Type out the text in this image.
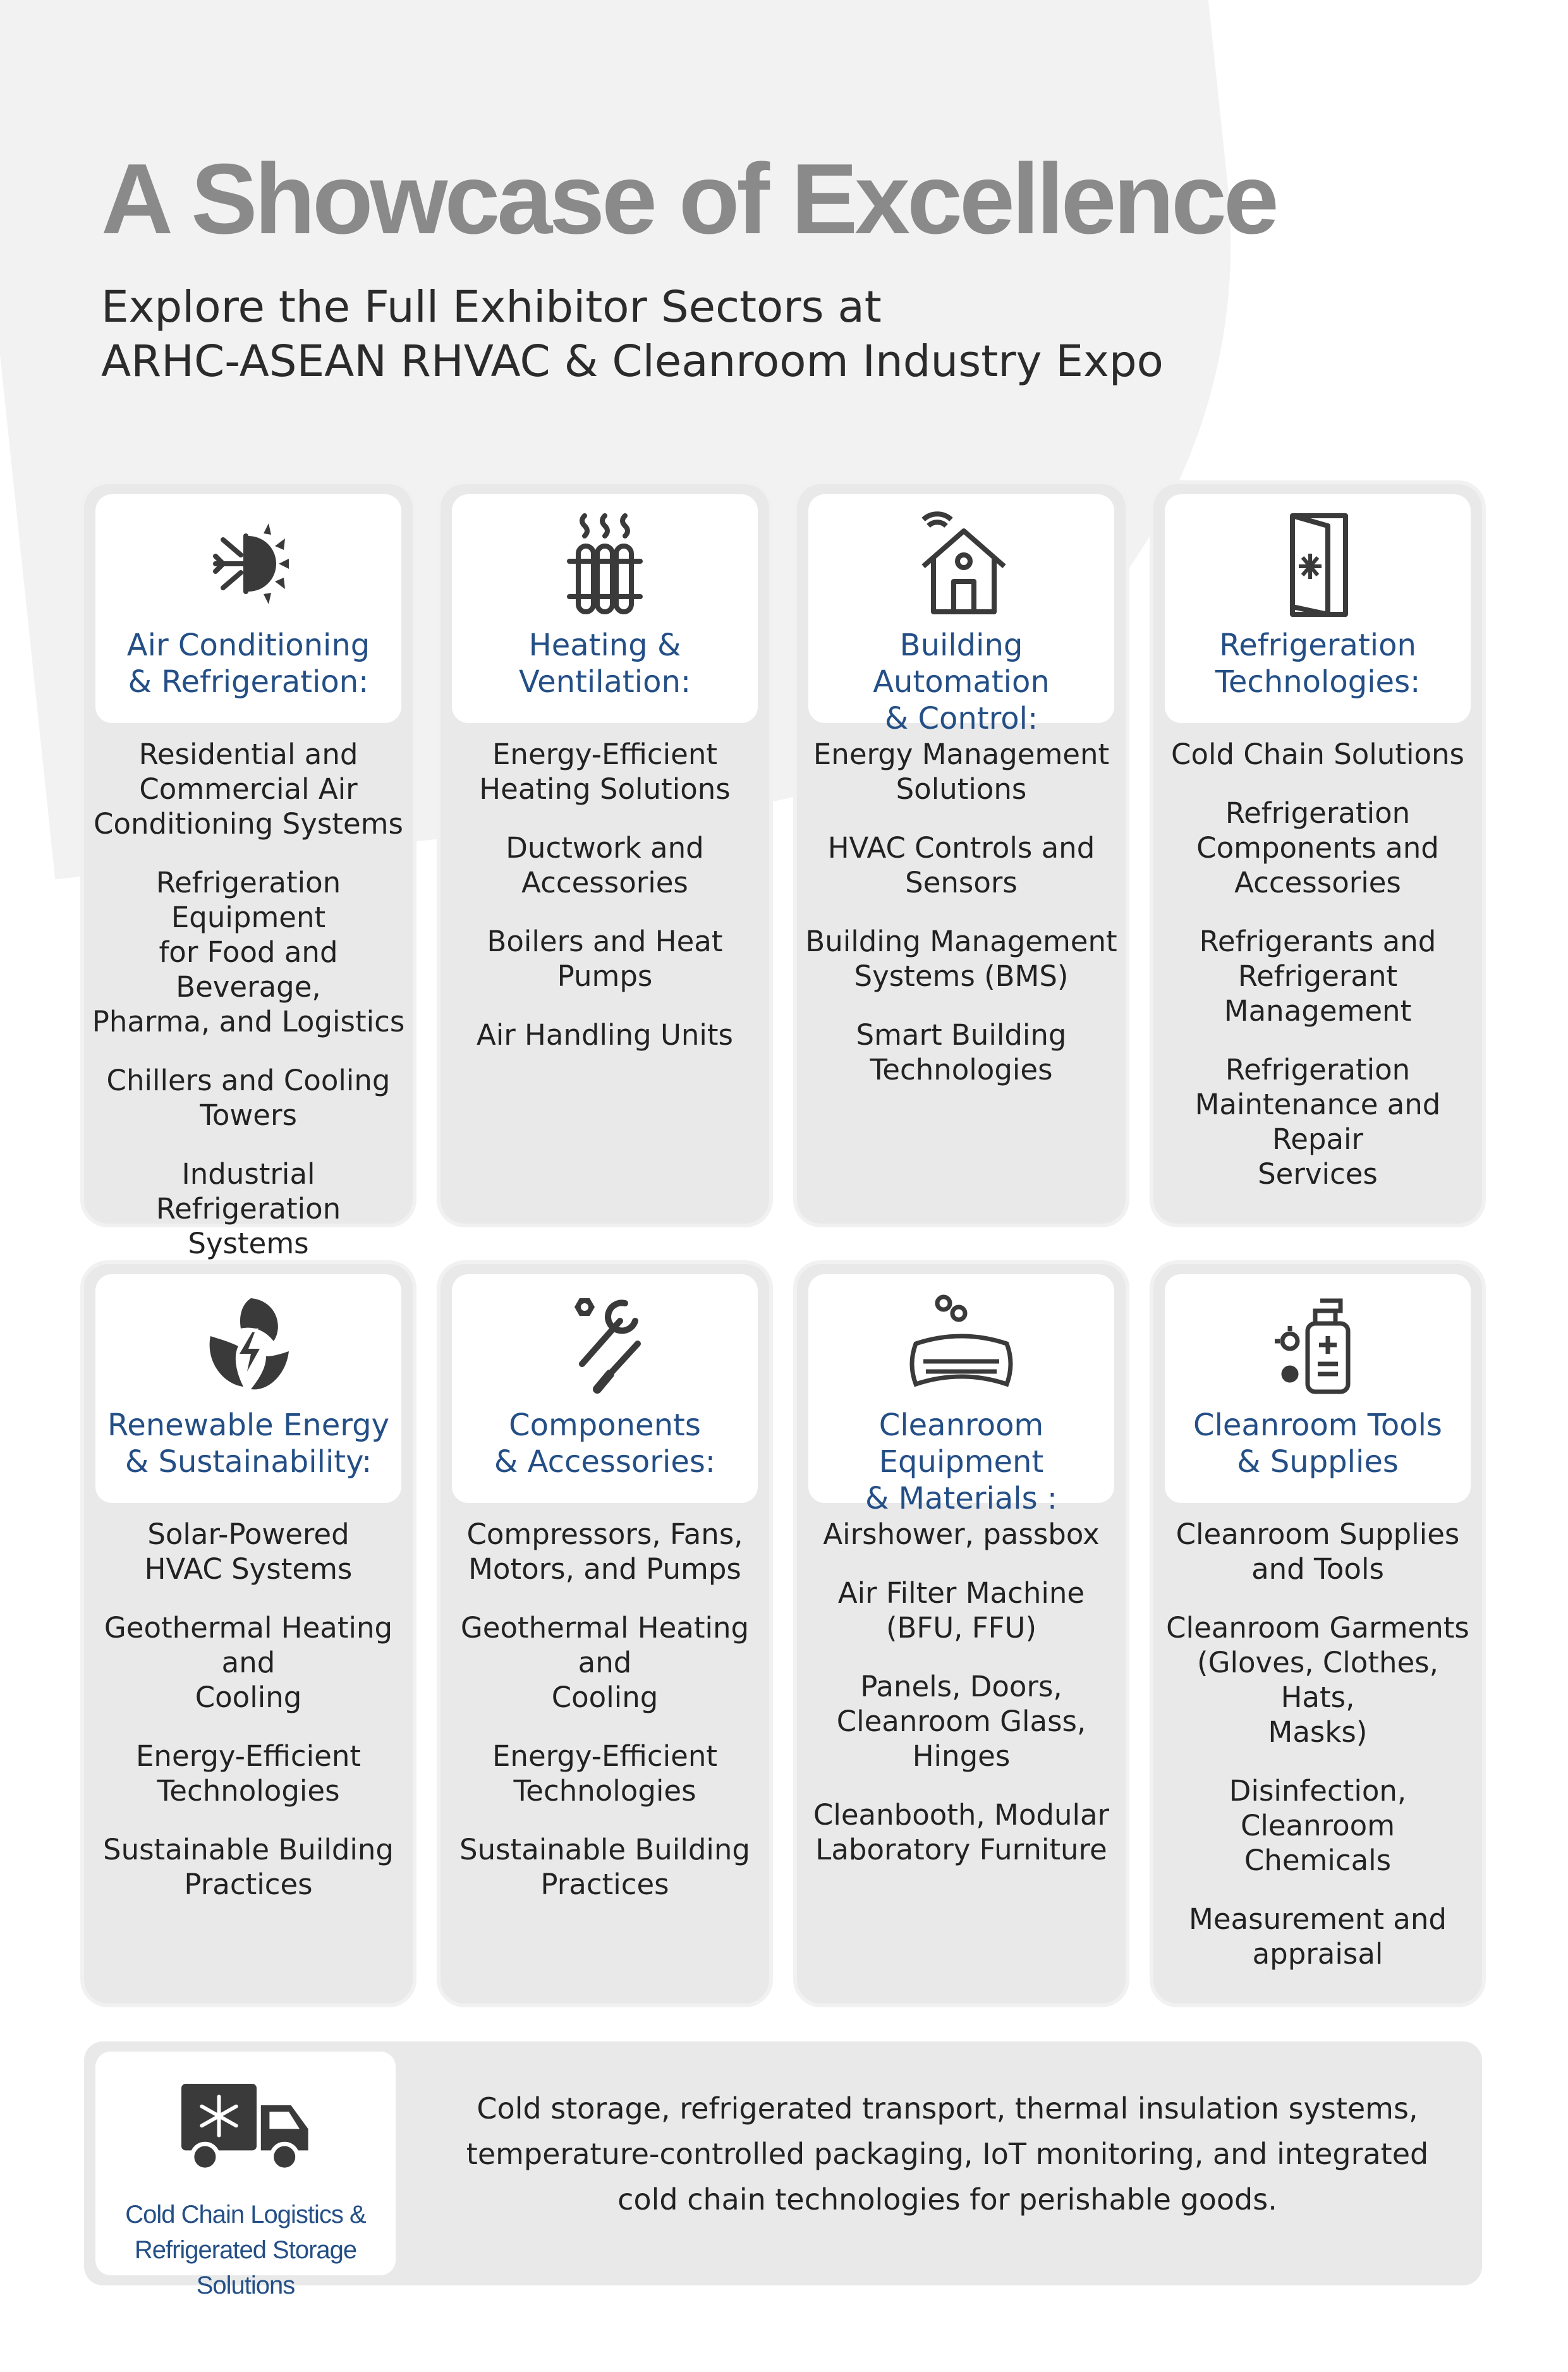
A Showcase of Excellence
Explore the Full Exhibitor Sectors at
ARHC-ASEAN RHVAC & Cleanroom Industry Expo
Air Conditioning
& Refrigeration:
Residential and
Commercial Air
Conditioning Systems
Refrigeration Equipment
for Food and Beverage,
Pharma, and Logistics
Chillers and Cooling
Towers
Industrial Refrigeration
Systems
Heating &
Ventilation:
Energy-Efficient
Heating Solutions
Ductwork and
Accessories
Boilers and Heat Pumps
Air Handling Units
Building Automation
& Control:
Energy Management
Solutions
HVAC Controls and
Sensors
Building Management
Systems (BMS)
Smart Building
Technologies
Refrigeration
Technologies:
Cold Chain Solutions
Refrigeration
Components and
Accessories
Refrigerants and
Refrigerant Management
Refrigeration
Maintenance and Repair
Services
Renewable Energy
& Sustainability:
Solar-Powered
HVAC Systems
Geothermal Heating and
Cooling
Energy-Efficient
Technologies
Sustainable Building
Practices
Components
& Accessories:
Compressors, Fans,
Motors, and Pumps
Geothermal Heating and
Cooling
Energy-Efficient
Technologies
Sustainable Building
Practices
Cleanroom Equipment
& Materials :
Airshower, passbox
Air Filter Machine
(BFU, FFU)
Panels, Doors,
Cleanroom Glass,
Hinges
Cleanbooth, Modular
Laboratory Furniture
Cleanroom Tools
& Supplies
Cleanroom Supplies
and Tools
Cleanroom Garments
(Gloves, Clothes, Hats,
Masks)
Disinfection, Cleanroom
Chemicals
Measurement and
appraisal
Cold Chain Logistics &
Refrigerated Storage Solutions
Cold storage, refrigerated transport, thermal insulation systems, temperature-controlled packaging, IoT monitoring, and integrated cold chain technologies for perishable goods.
